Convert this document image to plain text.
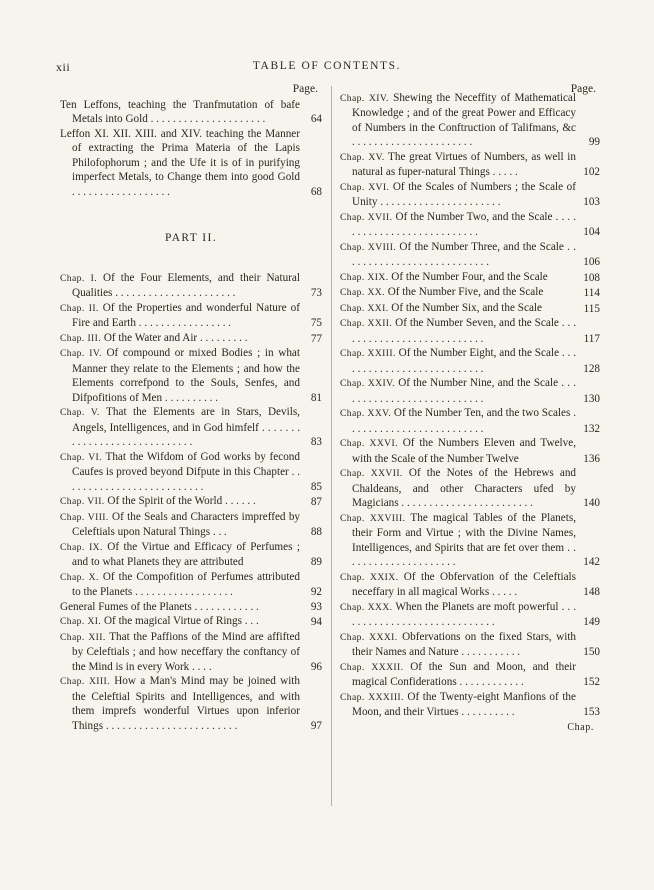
xii	TABLE OF CONTENTS.
Page.
Ten Leffons, teaching the Tranfmutation of bafe Metals into Gold . . . . . . . . . . . . . . . . . . . . .	64
Leffon XI. XII. XIII. and XIV. teaching the Manner of extracting the Prima Materia of the Lapis Philofophorum ; and the Ufe it is of in purifying imperfect Metals, to Change them into good Gold . . . . . . . . . . . . . . . . . .	68
PART II.
Chap. I. Of the Four Elements, and their Natural Qualities . . . . . . . . . . . . . . . . . . . . . .	73
Chap. II. Of the Properties and wonderful Nature of Fire and Earth . . . . . . . . . . . . . . . . .	75
Chap. III. Of the Water and Air . . . . . . . . .	77
Chap. IV. Of compound or mixed Bodies ; in what Manner they relate to the Elements ; and how the Elements correfpond to the Souls, Senfes, and Difpofitions of Men . . . . . . . . . .	81
Chap. V. That the Elements are in Stars, Devils, Angels, Intelligences, and in God himfelf . . . . . . . . . . . . . . . . . . . . . . . . . . . . .	83
Chap. VI. That the Wifdom of God works by fecond Caufes is proved beyond Difpute in this Chapter . . . . . . . . . . . . . . . . . . . . . . . . . .	85
Chap. VII. Of the Spirit of the World . . . . . .	87
Chap. VIII. Of the Seals and Characters impreffed by Celeftials upon Natural Things . . .	88
Chap. IX. Of the Virtue and Efficacy of Perfumes ; and to what Planets they are attributed	89
Chap. X. Of the Compofition of Perfumes attributed to the Planets . . . . . . . . . . . . . . . . . .	92
General Fumes of the Planets . . . . . . . . . . . .	93
Chap. XI. Of the magical Virtue of Rings . . .	94
Chap. XII. That the Paffions of the Mind are affifted by Celeftials ; and how neceffary the conftancy of the Mind is in every Work . . . .	96
Chap. XIII. How a Man's Mind may be joined with the Celeftial Spirits and Intelligences, and with them imprefs wonderful Virtues upon inferior Things . . . . . . . . . . . . . . . . . . . . . . . .	97
Page.
Chap. XIV. Shewing the Neceffity of Mathematical Knowledge ; and of the great Power and Efficacy of Numbers in the Conftruction of Talifmans, &c . . . . . . . . . . . . . . . . . . . . . .	99
Chap. XV. The great Virtues of Numbers, as well in natural as fuper-natural Things . . . . .	102
Chap. XVI. Of the Scales of Numbers ; the Scale of Unity . . . . . . . . . . . . . . . . . . . . . .	103
Chap. XVII. Of the Number Two, and the Scale . . . . . . . . . . . . . . . . . . . . . . . . . . .	104
Chap. XVIII. Of the Number Three, and the Scale . . . . . . . . . . . . . . . . . . . . . . . . . . .	106
Chap. XIX. Of the Number Four, and the Scale	108
Chap. XX. Of the Number Five, and the Scale	114
Chap. XXI. Of the Number Six, and the Scale	115
Chap. XXII. Of the Number Seven, and the Scale . . . . . . . . . . . . . . . . . . . . . . . . . . .	117
Chap. XXIII. Of the Number Eight, and the Scale . . . . . . . . . . . . . . . . . . . . . . . . . . .	128
Chap. XXIV. Of the Number Nine, and the Scale . . . . . . . . . . . . . . . . . . . . . . . . . . .	130
Chap. XXV. Of the Number Ten, and the two Scales . . . . . . . . . . . . . . . . . . . . . . . . .	132
Chap. XXVI. Of the Numbers Eleven and Twelve, with the Scale of the Number Twelve	136
Chap. XXVII. Of the Notes of the Hebrews and Chaldeans, and other Characters ufed by Magicians . . . . . . . . . . . . . . . . . . . . . . . .	140
Chap. XXVIII. The magical Tables of the Planets, their Form and Virtue ; with the Divine Names, Intelligences, and Spirits that are fet over them . . . . . . . . . . . . . . . . . . . . .	142
Chap. XXIX. Of the Obfervation of the Celeftials neceffary in all magical Works . . . . .	148
Chap. XXX. When the Planets are moft powerful . . . . . . . . . . . . . . . . . . . . . . . . . . . . .	149
Chap. XXXI. Obfervations on the fixed Stars, with their Names and Nature . . . . . . . . . . .	150
Chap. XXXII. Of the Sun and Moon, and their magical Confiderations . . . . . . . . . . . .	152
Chap. XXXIII. Of the Twenty-eight Manfions of the Moon, and their Virtues . . . . . . . . . .	153
Chap.
